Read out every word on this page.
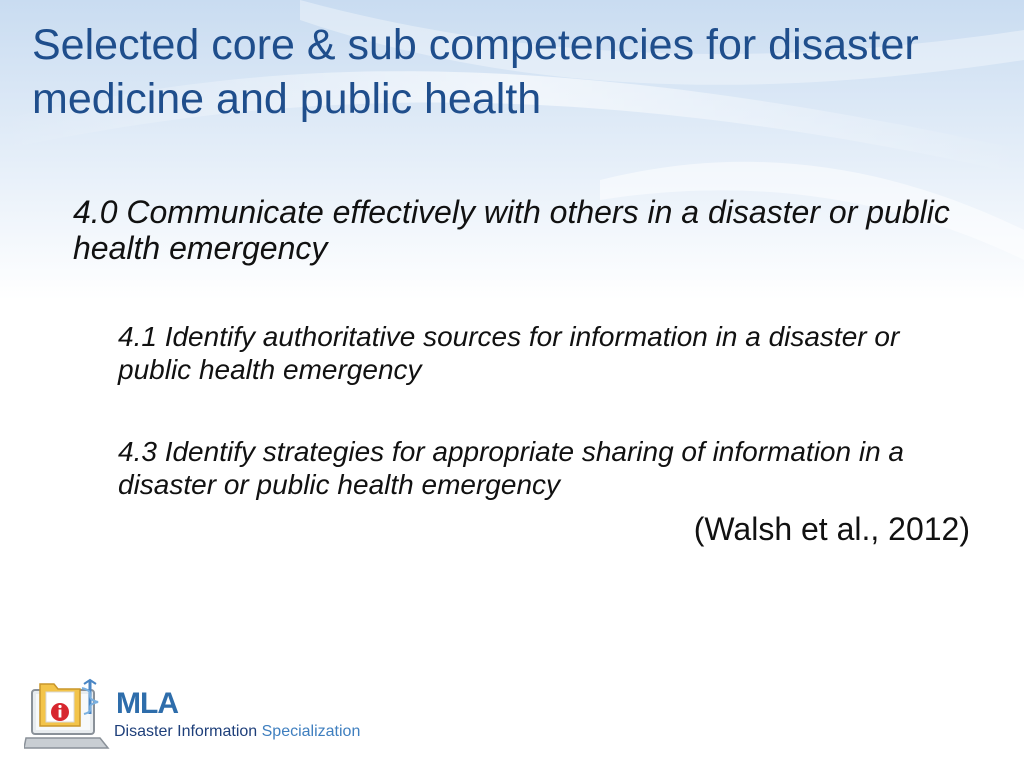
Selected core & sub competencies for disaster medicine and public health

4.0 Communicate effectively with others in a disaster or public health emergency

4.1 Identify authoritative sources for information in a disaster or public health emergency

4.3 Identify strategies for appropriate sharing of information in a disaster or public health emergency

(Walsh et al., 2012)
MLA
Disaster Information Specialization
